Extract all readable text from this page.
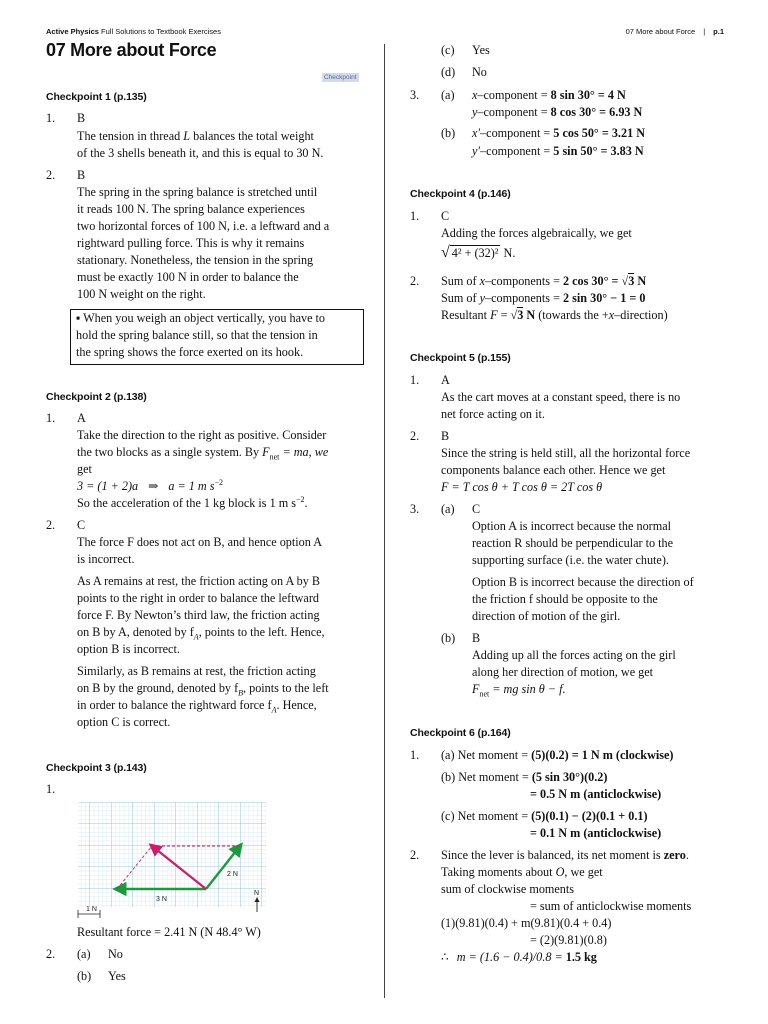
Active Physics Full Solutions to Textbook Exercises	07 More about Force | p.1
07 More about Force
Checkpoint
Checkpoint 1 (p.135)
1. B
The tension in thread L balances the total weight
of the 3 shells beneath it, and this is equal to 30 N.
2. B
The spring in the spring balance is stretched until
it reads 100 N. The spring balance experiences
two horizontal forces of 100 N, i.e. a leftward and a
rightward pulling force. This is why it remains
stationary. Nonetheless, the tension in the spring
must be exactly 100 N in order to balance the
100 N weight on the right.
▪ When you weigh an object vertically, you have to
hold the spring balance still, so that the tension in
the spring shows the force exerted on its hook.
Checkpoint 2 (p.138)
1. A
Take the direction to the right as positive. Consider
the two blocks as a single system. By $F_{net}$ = ma, we
get
3 = (1 + 2)a ⇒ a = 1 m $s^{-2}$
So the acceleration of the 1 kg block is 1 m $s^{-2}$.
2. C
The force F does not act on B, and hence option A
is incorrect.
As A remains at rest, the friction acting on A by B
points to the right in order to balance the leftward
force F. By Newton’s third law, the friction acting
on B by A, denoted by $f_A$, points to the left. Hence,
option B is incorrect.
Similarly, as B remains at rest, the friction acting
on B by the ground, denoted by $f_B$, points to the left
in order to balance the rightward force $f_A$. Hence,
option C is correct.
Checkpoint 3 (p.143)
1.
2 N
3 N
1 N
N
Resultant force = 2.41 N (N 48.4° W)
2. (a) No
(b) Yes
(c) Yes
(d) No
3. (a) x–component = 8 sin 30° = 4 N
y–component = 8 cos 30° = 6.93 N
(b) x′–component = 5 cos 50° = 3.21 N
y′–component = 5 sin 50° = 3.83 N
Checkpoint 4 (p.146)
1. C
Adding the forces algebraically, we get
√ 4² + (32)² N.
2. Sum of x–components = 2 cos 30° = √3 N
Sum of y–components = 2 sin 30° − 1 = 0
Resultant F = √3 N (towards the +x–direction)
Checkpoint 5 (p.155)
1. A
As the cart moves at a constant speed, there is no
net force acting on it.
2. B
Since the string is held still, all the horizontal force
components balance each other. Hence we get
F = T cos θ + T cos θ = 2T cos θ
3. (a) C
Option A is incorrect because the normal
reaction R should be perpendicular to the
supporting surface (i.e. the water chute).
Option B is incorrect because the direction of
the friction f should be opposite to the
direction of motion of the girl.
(b) B
Adding up all the forces acting on the girl
along her direction of motion, we get
$F_{net}$ = mg sin θ − f.
Checkpoint 6 (p.164)
1. (a) Net moment = (5)(0.2) = 1 N m (clockwise)
(b) Net moment = (5 sin 30°)(0.2)
= 0.5 N m (anticlockwise)
(c) Net moment = (5)(0.1) − (2)(0.1 + 0.1)
= 0.1 N m (anticlockwise)
2. Since the lever is balanced, its net moment is zero.
Taking moments about O, we get
sum of clockwise moments
= sum of anticlockwise moments
(1)(9.81)(0.4) + m(9.81)(0.4 + 0.4)
= (2)(9.81)(0.8)
∴ m = (1.6 − 0.4)/0.8 = 1.5 kg
